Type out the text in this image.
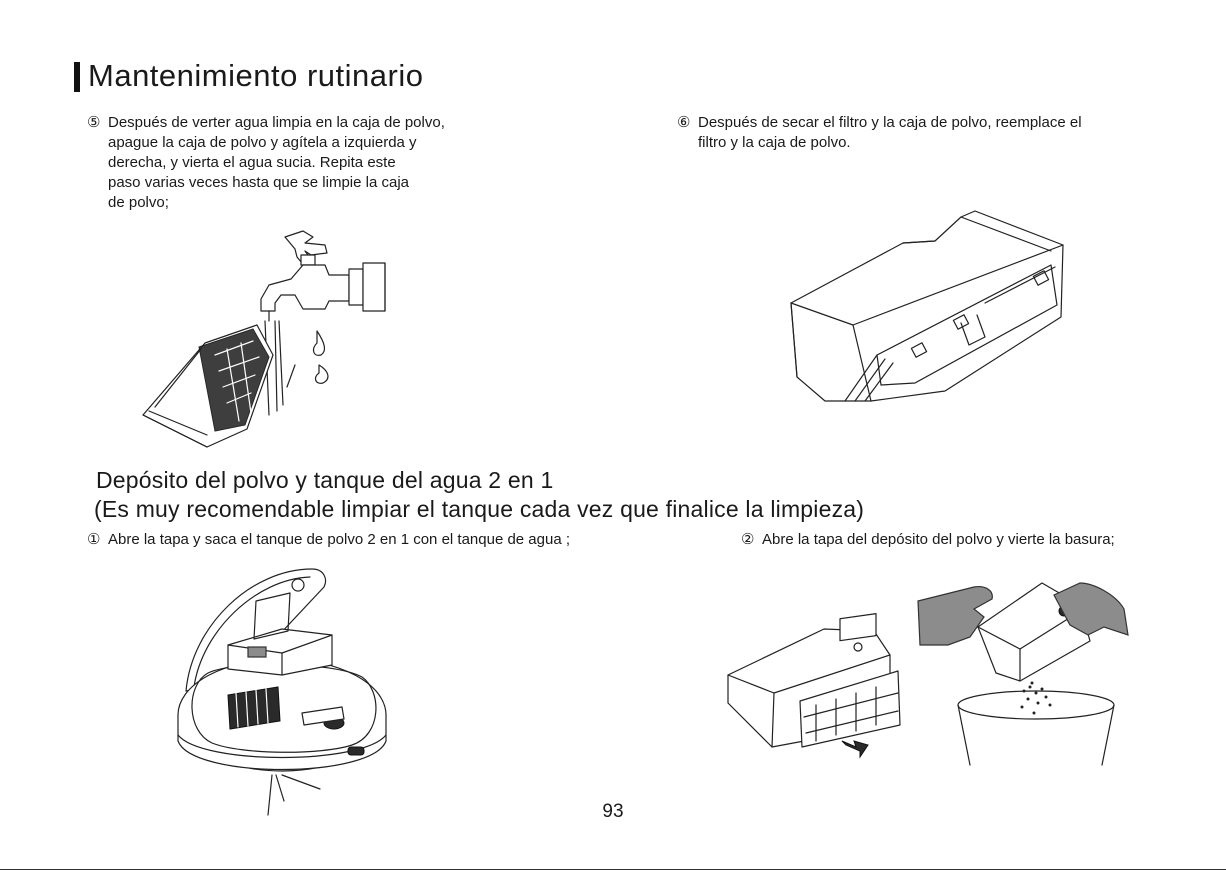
Mantenimiento rutinario
⑤ Después de verter agua limpia en la caja de polvo,
apague la caja de polvo y agítela a izquierda y
derecha, y vierta el agua sucia. Repita este
paso varias veces hasta que se limpie la caja
de polvo;
⑥ Después de secar el filtro y la caja de polvo, reemplace el
filtro y la caja de polvo.
Depósito del polvo y tanque del agua 2 en 1
(Es muy recomendable limpiar el tanque cada vez que finalice la limpieza)
① Abre la tapa y saca el tanque de polvo 2 en 1 con el tanque de agua ;	② Abre la tapa del depósito del polvo y vierte la basura;
93
